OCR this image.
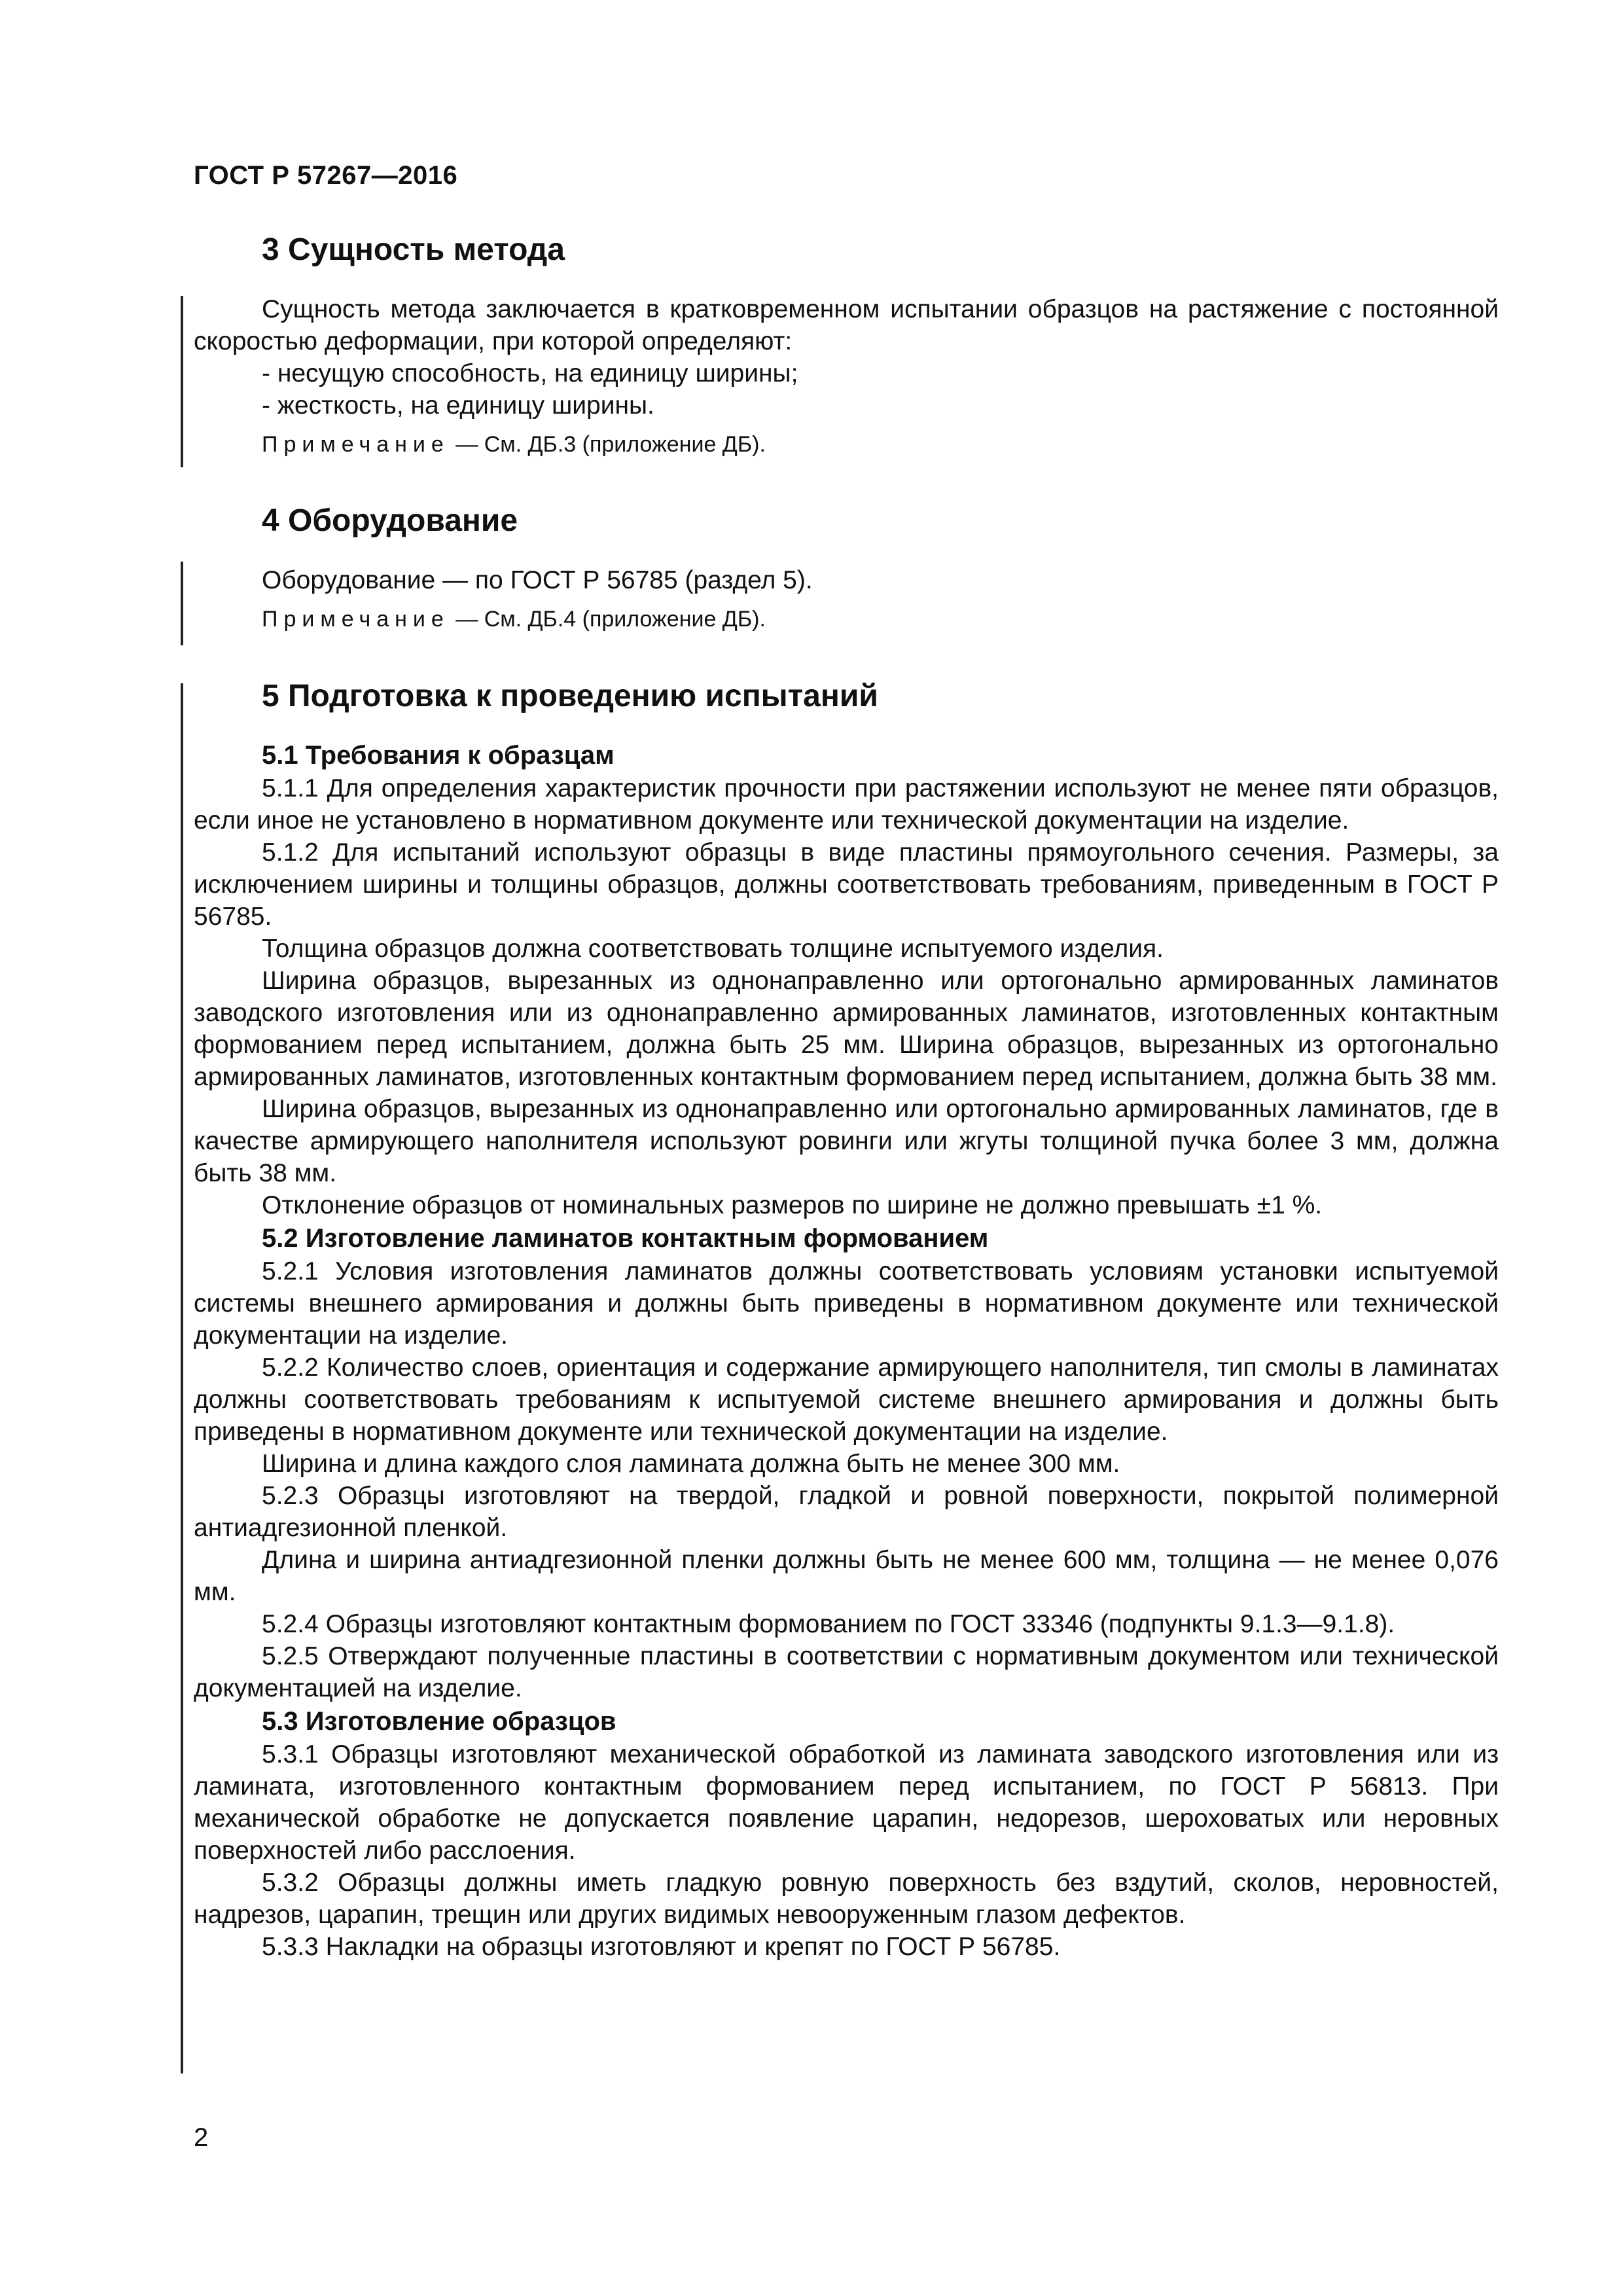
ГОСТ Р 57267—2016
3 Сущность метода

Сущность метода заключается в кратковременном испытании образцов на растяжение с постоянной скоростью деформации, при которой определяют:

- несущую способность, на единицу ширины;

- жесткость, на единицу ширины.

Примечание — См. ДБ.3 (приложение ДБ).

4 Оборудование

Оборудование — по ГОСТ Р 56785 (раздел 5).

Примечание — См. ДБ.4 (приложение ДБ).

5 Подготовка к проведению испытаний
5.1 Требования к образцам

5.1.1 Для определения характеристик прочности при растяжении используют не менее пяти образцов, если иное не установлено в нормативном документе или технической документации на изделие.

5.1.2 Для испытаний используют образцы в виде пластины прямоугольного сечения. Размеры, за исключением ширины и толщины образцов, должны соответствовать требованиям, приведенным в ГОСТ Р 56785.

Толщина образцов должна соответствовать толщине испытуемого изделия.

Ширина образцов, вырезанных из однонаправленно или ортогонально армированных ламинатов заводского изготовления или из однонаправленно армированных ламинатов, изготовленных контактным формованием перед испытанием, должна быть 25 мм. Ширина образцов, вырезанных из ортогонально армированных ламинатов, изготовленных контактным формованием перед испытанием, должна быть 38 мм.

Ширина образцов, вырезанных из однонаправленно или ортогонально армированных ламинатов, где в качестве армирующего наполнителя используют ровинги или жгуты толщиной пучка более 3 мм, должна быть 38 мм.

Отклонение образцов от номинальных размеров по ширине не должно превышать ±1 %.

5.2 Изготовление ламинатов контактным формованием

5.2.1 Условия изготовления ламинатов должны соответствовать условиям установки испытуемой системы внешнего армирования и должны быть приведены в нормативном документе или технической документации на изделие.

5.2.2 Количество слоев, ориентация и содержание армирующего наполнителя, тип смолы в ламинатах должны соответствовать требованиям к испытуемой системе внешнего армирования и должны быть приведены в нормативном документе или технической документации на изделие.

Ширина и длина каждого слоя ламината должна быть не менее 300 мм.

5.2.3 Образцы изготовляют на твердой, гладкой и ровной поверхности, покрытой полимерной антиадгезионной пленкой.

Длина и ширина антиадгезионной пленки должны быть не менее 600 мм, толщина — не менее 0,076 мм.

5.2.4 Образцы изготовляют контактным формованием по ГОСТ 33346 (подпункты 9.1.3—9.1.8).

5.2.5 Отверждают полученные пластины в соответствии с нормативным документом или технической документацией на изделие.

5.3 Изготовление образцов

5.3.1 Образцы изготовляют механической обработкой из ламината заводского изготовления или из ламината, изготовленного контактным формованием перед испытанием, по ГОСТ Р 56813. При механической обработке не допускается появление царапин, недорезов, шероховатых или неровных поверхностей либо расслоения.

5.3.2 Образцы должны иметь гладкую ровную поверхность без вздутий, сколов, неровностей, надрезов, царапин, трещин или других видимых невооруженным глазом дефектов.

5.3.3 Накладки на образцы изготовляют и крепят по ГОСТ Р 56785.

2
